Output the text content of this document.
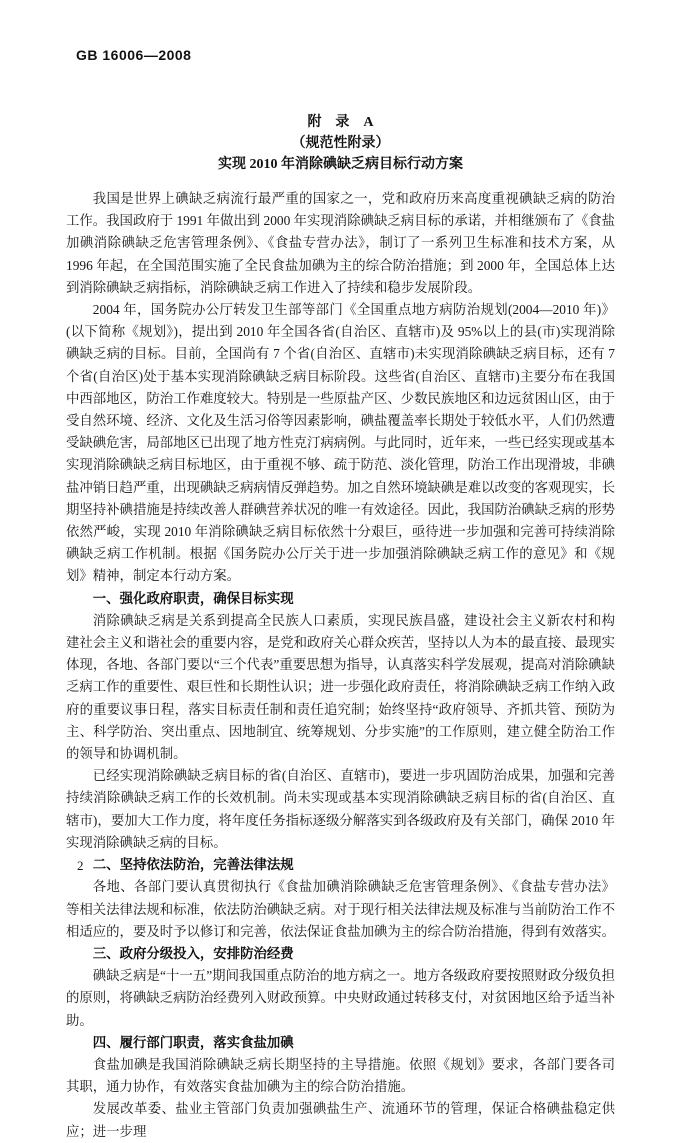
GB 16006—2008
附　录　A
（规范性附录）
实现 2010 年消除碘缺乏病目标行动方案

我国是世界上碘缺乏病流行最严重的国家之一，党和政府历来高度重视碘缺乏病的防治工作。我国政府于 1991 年做出到 2000 年实现消除碘缺乏病目标的承诺，并相继颁布了《食盐加碘消除碘缺乏危害管理条例》、《食盐专营办法》，制订了一系列卫生标准和技术方案，从 1996 年起，在全国范围实施了全民食盐加碘为主的综合防治措施；到 2000 年，全国总体上达到消除碘缺乏病指标，消除碘缺乏病工作进入了持续和稳步发展阶段。

2004 年，国务院办公厅转发卫生部等部门《全国重点地方病防治规划(2004—2010 年)》(以下简称《规划》)，提出到 2010 年全国各省(自治区、直辖市)及 95%以上的县(市)实现消除碘缺乏病的目标。目前，全国尚有 7 个省(自治区、直辖市)未实现消除碘缺乏病目标，还有 7 个省(自治区)处于基本实现消除碘缺乏病目标阶段。这些省(自治区、直辖市)主要分布在我国中西部地区，防治工作难度较大。特别是一些原盐产区、少数民族地区和边远贫困山区，由于受自然环境、经济、文化及生活习俗等因素影响，碘盐覆盖率长期处于较低水平，人们仍然遭受缺碘危害，局部地区已出现了地方性克汀病病例。与此同时，近年来，一些已经实现或基本实现消除碘缺乏病目标地区，由于重视不够、疏于防范、淡化管理，防治工作出现滑坡，非碘盐冲销日趋严重，出现碘缺乏病病情反弹趋势。加之自然环境缺碘是难以改变的客观现实，长期坚持补碘措施是持续改善人群碘营养状况的唯一有效途径。因此，我国防治碘缺乏病的形势依然严峻，实现 2010 年消除碘缺乏病目标依然十分艰巨，亟待进一步加强和完善可持续消除碘缺乏病工作机制。根据《国务院办公厅关于进一步加强消除碘缺乏病工作的意见》和《规划》精神，制定本行动方案。

一、强化政府职责，确保目标实现

消除碘缺乏病是关系到提高全民族人口素质，实现民族昌盛，建设社会主义新农村和构建社会主义和谐社会的重要内容，是党和政府关心群众疾苦，坚持以人为本的最直接、最现实体现，各地、各部门要以“三个代表”重要思想为指导，认真落实科学发展观，提高对消除碘缺乏病工作的重要性、艰巨性和长期性认识；进一步强化政府责任，将消除碘缺乏病工作纳入政府的重要议事日程，落实目标责任制和责任追究制；始终坚持“政府领导、齐抓共管、预防为主、科学防治、突出重点、因地制宜、统筹规划、分步实施”的工作原则，建立健全防治工作的领导和协调机制。

已经实现消除碘缺乏病目标的省(自治区、直辖市)，要进一步巩固防治成果，加强和完善持续消除碘缺乏病工作的长效机制。尚未实现或基本实现消除碘缺乏病目标的省(自治区、直辖市)，要加大工作力度，将年度任务指标逐级分解落实到各级政府及有关部门，确保 2010 年实现消除碘缺乏病的目标。

二、坚持依法防治，完善法律法规

各地、各部门要认真贯彻执行《食盐加碘消除碘缺乏危害管理条例》、《食盐专营办法》等相关法律法规和标准，依法防治碘缺乏病。对于现行相关法律法规及标准与当前防治工作不相适应的，要及时予以修订和完善，依法保证食盐加碘为主的综合防治措施，得到有效落实。

三、政府分级投入，安排防治经费

碘缺乏病是“十一五”期间我国重点防治的地方病之一。地方各级政府要按照财政分级负担的原则，将碘缺乏病防治经费列入财政预算。中央财政通过转移支付，对贫困地区给予适当补助。

四、履行部门职责，落实食盐加碘

食盐加碘是我国消除碘缺乏病长期坚持的主导措施。依照《规划》要求，各部门要各司其职，通力协作，有效落实食盐加碘为主的综合防治措施。

发展改革委、盐业主管部门负责加强碘盐生产、流通环节的管理，保证合格碘盐稳定供应；进一步理

2
